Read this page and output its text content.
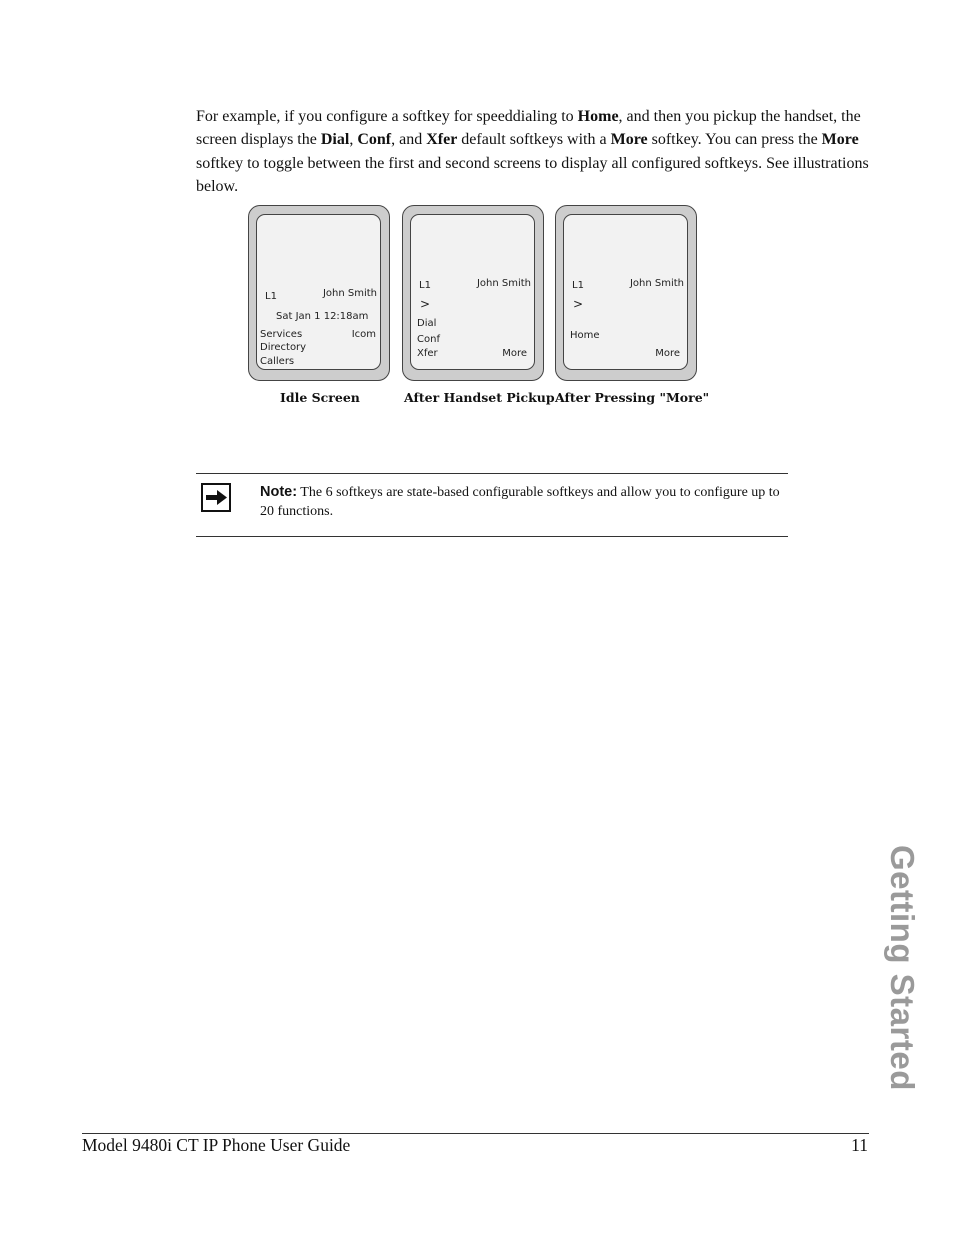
For example, if you configure a softkey for speeddialing to Home, and then you pickup the handset, the screen displays the Dial, Conf, and Xfer default softkeys with a More softkey. You can press the More softkey to toggle between the first and second screens to display all configured softkeys. See illustrations below.

L1	John Smith
Sat Jan 1 12:18am
Services	Icom
Directory
Callers
L1	John Smith
>
Dial
Conf
Xfer	More
L1	John Smith
>
Home
More
Idle Screen	After Handset Pickup After Pressing "More"

Note: The 6 softkeys are state-based configurable softkeys and allow you to configure up to 20 functions.

Getting Started
Model 9480i CT IP Phone User Guide	11
